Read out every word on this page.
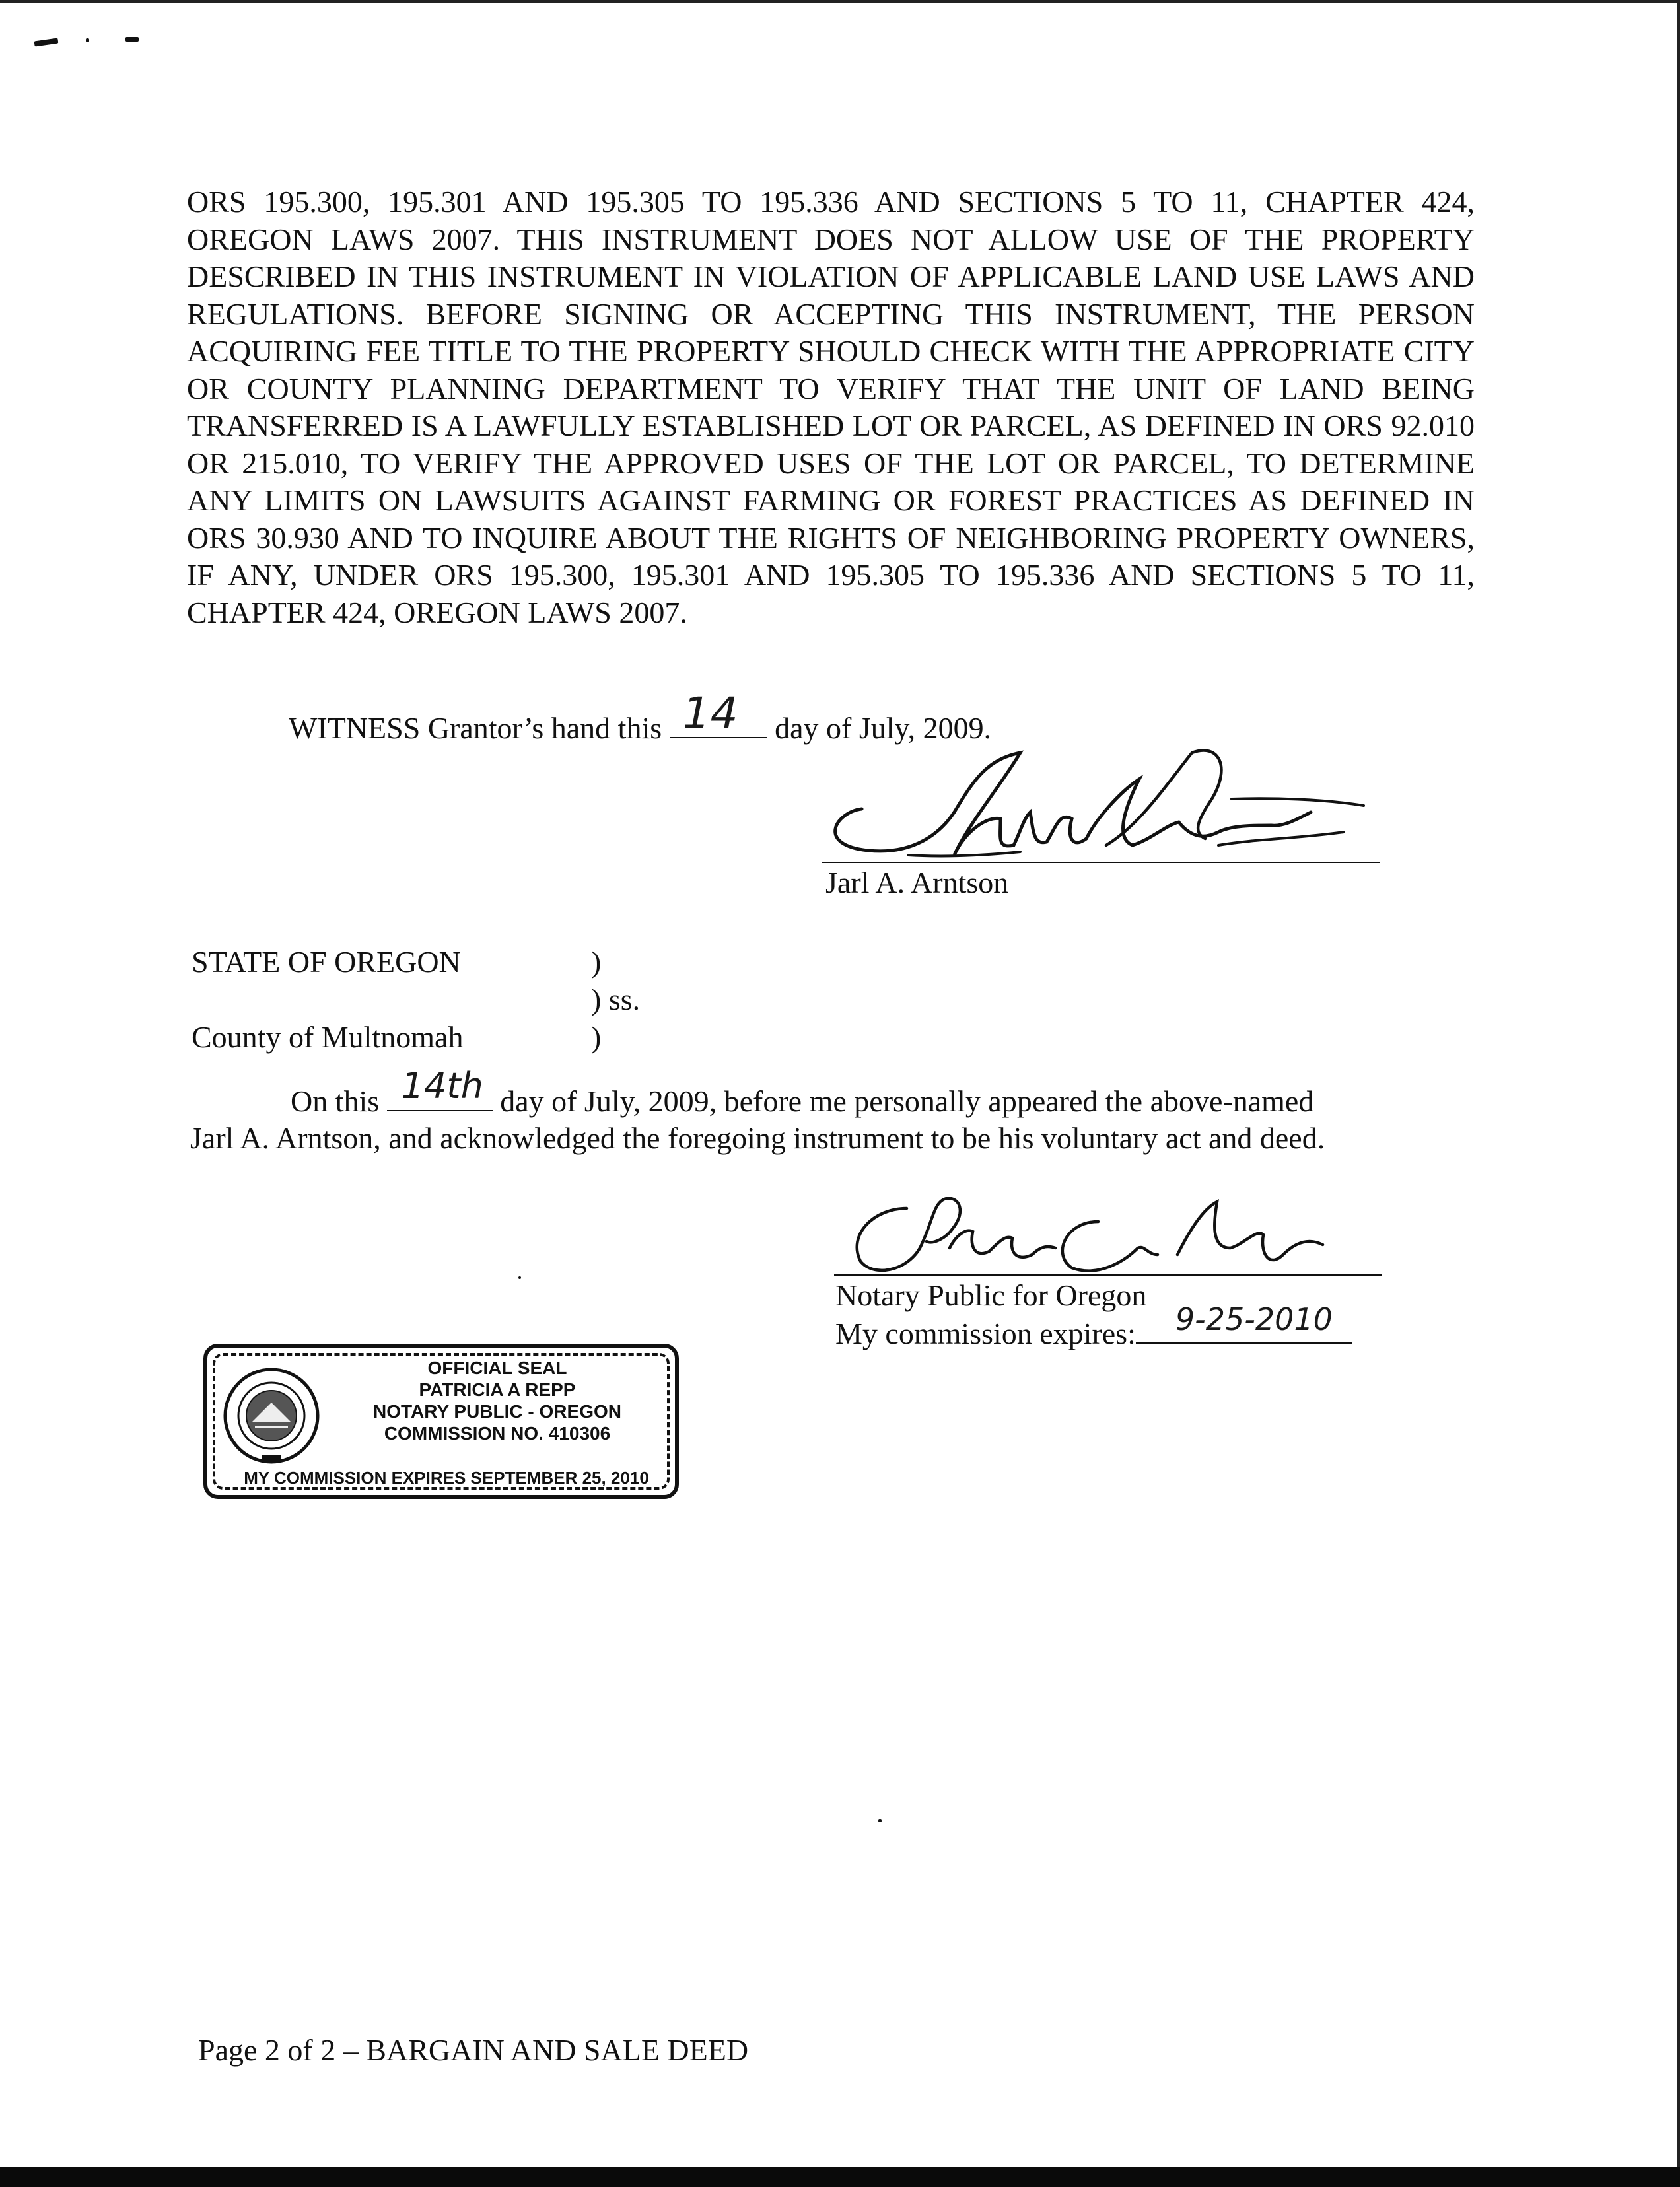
ORS 195.300, 195.301 AND 195.305 TO 195.336 AND SECTIONS 5 TO 11, CHAPTER 424, OREGON LAWS 2007. THIS INSTRUMENT DOES NOT ALLOW USE OF THE PROPERTY DESCRIBED IN THIS INSTRUMENT IN VIOLATION OF APPLICABLE LAND USE LAWS AND REGULATIONS. BEFORE SIGNING OR ACCEPTING THIS INSTRUMENT, THE PERSON ACQUIRING FEE TITLE TO THE PROPERTY SHOULD CHECK WITH THE APPROPRIATE CITY OR COUNTY PLANNING DEPARTMENT TO VERIFY THAT THE UNIT OF LAND BEING TRANSFERRED IS A LAWFULLY ESTABLISHED LOT OR PARCEL, AS DEFINED IN ORS 92.010 OR 215.010, TO VERIFY THE APPROVED USES OF THE LOT OR PARCEL, TO DETERMINE ANY LIMITS ON LAWSUITS AGAINST FARMING OR FOREST PRACTICES AS DEFINED IN ORS 30.930 AND TO INQUIRE ABOUT THE RIGHTS OF NEIGHBORING PROPERTY OWNERS, IF ANY, UNDER ORS 195.300, 195.301 AND 195.305 TO 195.336 AND SECTIONS 5 TO 11, CHAPTER 424, OREGON LAWS 2007.

WITNESS Grantor’s hand this 14 day of July, 2009.
Jarl A. Arntson
STATE OF OREGON	)
) ss.
County of Multnomah	)

On this 14th day of July, 2009, before me personally appeared the above-named

Jarl A. Arntson, and acknowledged the foregoing instrument to be his voluntary act and deed.

Notary Public for Oregon
My commission expires: 9-25-2010
OFFICIAL SEAL
PATRICIA A REPP
NOTARY PUBLIC - OREGON
COMMISSION NO. 410306
MY COMMISSION EXPIRES SEPTEMBER 25, 2010
Page 2 of 2 – BARGAIN AND SALE DEED
